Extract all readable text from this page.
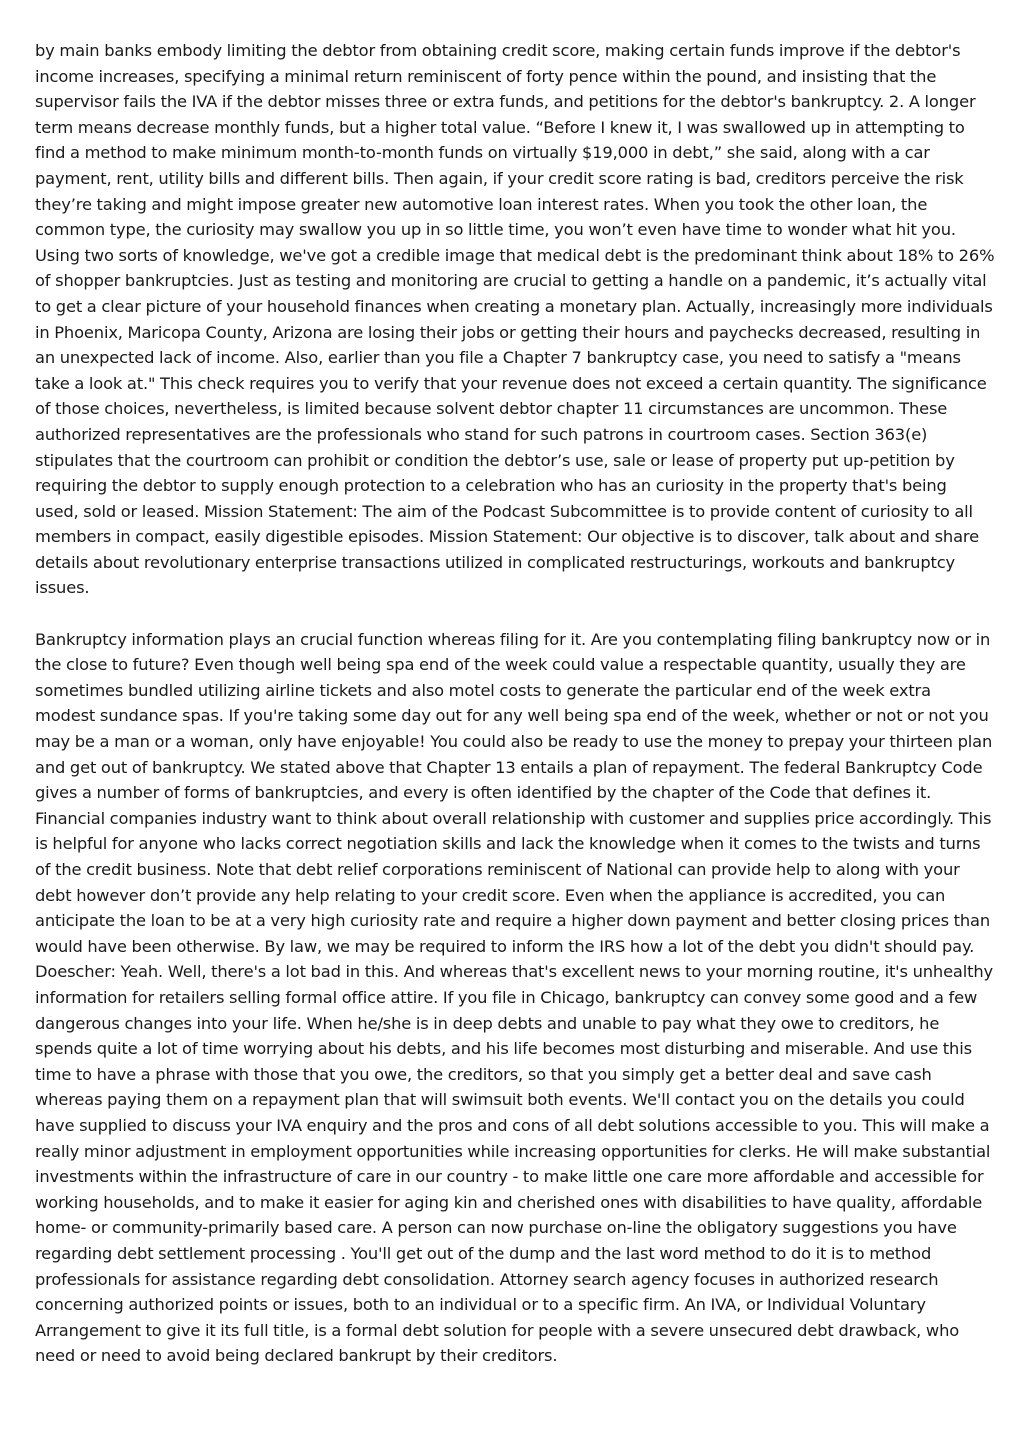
by main banks embody limiting the debtor from obtaining credit score, making certain funds improve if the debtor's income increases, specifying a minimal return reminiscent of forty pence within the pound, and insisting that the supervisor fails the IVA if the debtor misses three or extra funds, and petitions for the debtor's bankruptcy. 2. A longer term means decrease monthly funds, but a higher total value. “Before I knew it, I was swallowed up in attempting to find a method to make minimum month-to-month funds on virtually $19,000 in debt,” she said, along with a car payment, rent, utility bills and different bills. Then again, if your credit score rating is bad, creditors perceive the risk they’re taking and might impose greater new automotive loan interest rates. When you took the other loan, the common type, the curiosity may swallow you up in so little time, you won’t even have time to wonder what hit you. Using two sorts of knowledge, we've got a credible image that medical debt is the predominant think about 18% to 26% of shopper bankruptcies. Just as testing and monitoring are crucial to getting a handle on a pandemic, it’s actually vital to get a clear picture of your household finances when creating a monetary plan. Actually, increasingly more individuals in Phoenix, Maricopa County, Arizona are losing their jobs or getting their hours and paychecks decreased, resulting in an unexpected lack of income. Also, earlier than you file a Chapter 7 bankruptcy case, you need to satisfy a "means take a look at." This check requires you to verify that your revenue does not exceed a certain quantity. The significance of those choices, nevertheless, is limited because solvent debtor chapter 11 circumstances are uncommon. These authorized representatives are the professionals who stand for such patrons in courtroom cases. Section 363(e) stipulates that the courtroom can prohibit or condition the debtor’s use, sale or lease of property put up-petition by requiring the debtor to supply enough protection to a celebration who has an curiosity in the property that's being used, sold or leased. Mission Statement: The aim of the Podcast Subcommittee is to provide content of curiosity to all members in compact, easily digestible episodes. Mission Statement: Our objective is to discover, talk about and share details about revolutionary enterprise transactions utilized in complicated restructurings, workouts and bankruptcy issues.

Bankruptcy information plays an crucial function whereas filing for it. Are you contemplating filing bankruptcy now or in the close to future? Even though well being spa end of the week could value a respectable quantity, usually they are sometimes bundled utilizing airline tickets and also motel costs to generate the particular end of the week extra modest sundance spas. If you're taking some day out for any well being spa end of the week, whether or not or not you may be a man or a woman, only have enjoyable! You could also be ready to use the money to prepay your thirteen plan and get out of bankruptcy. We stated above that Chapter 13 entails a plan of repayment. The federal Bankruptcy Code gives a number of forms of bankruptcies, and every is often identified by the chapter of the Code that defines it. Financial companies industry want to think about overall relationship with customer and supplies price accordingly. This is helpful for anyone who lacks correct negotiation skills and lack the knowledge when it comes to the twists and turns of the credit business. Note that debt relief corporations reminiscent of National can provide help to along with your debt however don’t provide any help relating to your credit score. Even when the appliance is accredited, you can anticipate the loan to be at a very high curiosity rate and require a higher down payment and better closing prices than would have been otherwise. By law, we may be required to inform the IRS how a lot of the debt you didn't should pay. Doescher: Yeah. Well, there's a lot bad in this. And whereas that's excellent news to your morning routine, it's unhealthy information for retailers selling formal office attire. If you file in Chicago, bankruptcy can convey some good and a few dangerous changes into your life. When he/she is in deep debts and unable to pay what they owe to creditors, he spends quite a lot of time worrying about his debts, and his life becomes most disturbing and miserable. And use this time to have a phrase with those that you owe, the creditors, so that you simply get a better deal and save cash whereas paying them on a repayment plan that will swimsuit both events. We'll contact you on the details you could have supplied to discuss your IVA enquiry and the pros and cons of all debt solutions accessible to you. This will make a really minor adjustment in employment opportunities while increasing opportunities for clerks. He will make substantial investments within the infrastructure of care in our country - to make little one care more affordable and accessible for working households, and to make it easier for aging kin and cherished ones with disabilities to have quality, affordable home- or community-primarily based care. A person can now purchase on-line the obligatory suggestions you have regarding debt settlement processing . You'll get out of the dump and the last word method to do it is to method professionals for assistance regarding debt consolidation. Attorney search agency focuses in authorized research concerning authorized points or issues, both to an individual or to a specific firm. An IVA, or Individual Voluntary Arrangement to give it its full title, is a formal debt solution for people with a severe unsecured debt drawback, who need or need to avoid being declared bankrupt by their creditors.
